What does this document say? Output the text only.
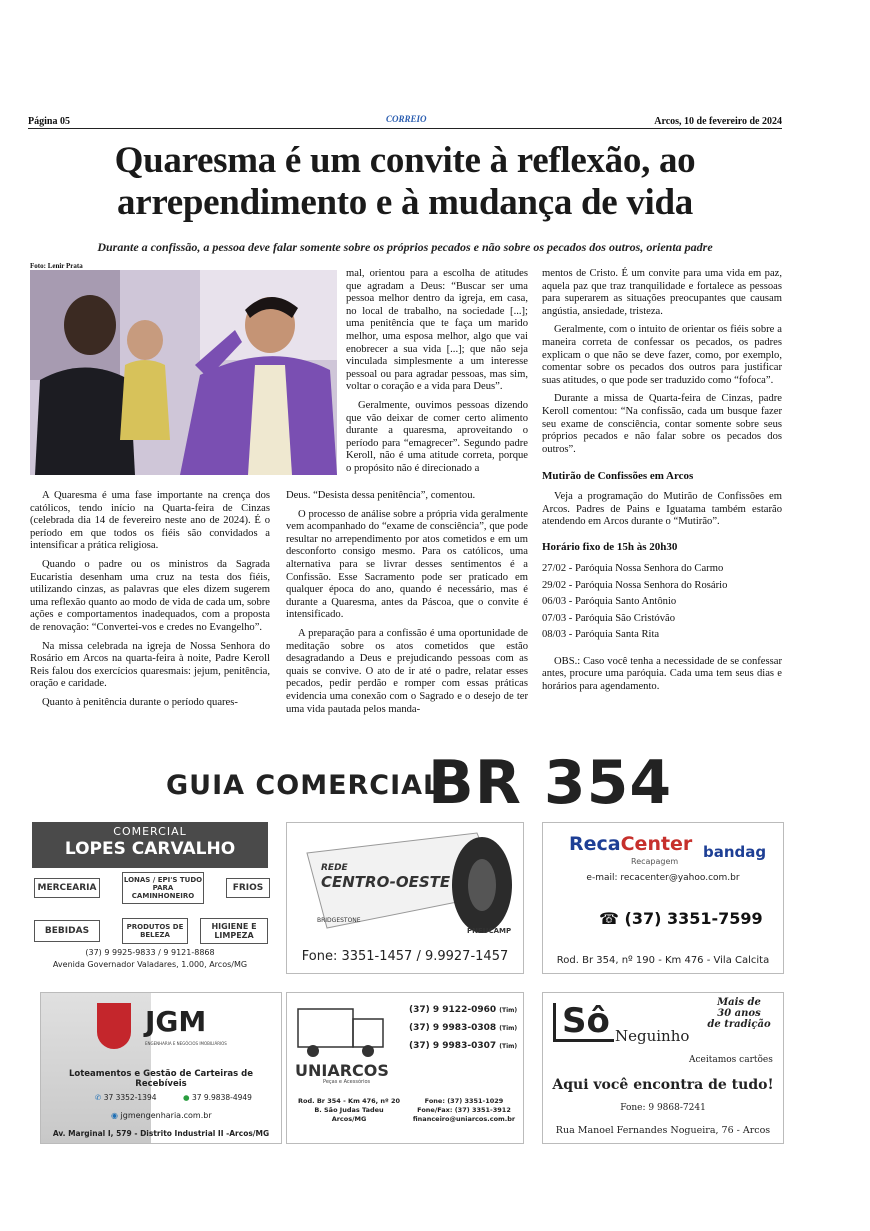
Página 05	CORREIO	Arcos, 10 de fevereiro de 2024
Quaresma é um convite à reflexão, ao
arrependimento e à mudança de vida
Durante a confissão, a pessoa deve falar somente sobre os próprios pecados e não sobre os pecados dos outros, orienta padre
Foto: Lenir Prata

A Quaresma é uma fase importante na crença dos católicos, tendo início na Quarta-feira de Cinzas (celebrada dia 14 de fevereiro neste ano de 2024). É o período em que todos os fiéis são convidados a intensificar a prática religiosa.

Quando o padre ou os ministros da Sagrada Eucaristia desenham uma cruz na testa dos fiéis, utilizando cinzas, as palavras que eles dizem sugerem uma reflexão quanto ao modo de vida de cada um, sobre ações e comportamentos inadequados, com a proposta de renovação: “Convertei-vos e credes no Evangelho”.

Na missa celebrada na igreja de Nossa Senhora do Rosário em Arcos na quarta-feira à noite, Padre Keroll Reis falou dos exercícios quaresmais: jejum, penitência, oração e caridade.

Quanto à penitência durante o período quares-

mal, orientou para a escolha de atitudes que agradam a Deus: “Buscar ser uma pessoa melhor dentro da igreja, em casa, no local de trabalho, na sociedade [...]; uma penitência que te faça um marido melhor, uma esposa melhor, algo que vai enobrecer a sua vida [...]; que não seja vinculada simplesmente a um interesse pessoal ou para agradar pessoas, mas sim, voltar o coração e a vida para Deus”.

Geralmente, ouvimos pessoas dizendo que vão deixar de comer certo alimento durante a quaresma, aproveitando o período para “emagrecer”. Segundo padre Keroll, não é uma atitude correta, porque o propósito não é direcionado a

Deus. “Desista dessa penitência”, comentou.

O processo de análise sobre a própria vida geralmente vem acompanhado do “exame de consciência”, que pode resultar no arrependimento por atos cometidos e em um desconforto consigo mesmo. Para os católicos, uma alternativa para se livrar desses sentimentos é a Confissão. Esse Sacramento pode ser praticado em qualquer época do ano, quando é necessário, mas é durante a Quaresma, antes da Páscoa, que o convite é intensificado.

A preparação para a confissão é uma oportunidade de meditação sobre os atos cometidos que estão desagradando a Deus e prejudicando pessoas com as quais se convive. O ato de ir até o padre, relatar esses pecados, pedir perdão e romper com essas práticas evidencia uma conexão com o Sagrado e o desejo de ter uma vida pautada pelos manda-

mentos de Cristo. É um convite para uma vida em paz, aquela paz que traz tranquilidade e fortalece as pessoas para superarem as situações preocupantes que causam angústia, ansiedade, tristeza.

Geralmente, com o intuito de orientar os fiéis sobre a maneira correta de confessar os pecados, os padres explicam o que não se deve fazer, como, por exemplo, comentar sobre os pecados dos outros para justificar suas atitudes, o que pode ser traduzido como “fofoca”.

Durante a missa de Quarta-feira de Cinzas, padre Keroll comentou: “Na confissão, cada um busque fazer seu exame de consciência, contar somente sobre seus próprios pecados e não falar sobre os pecados dos outros”.

Mutirão de Confissões em Arcos

Veja a programação do Mutirão de Confissões em Arcos. Padres de Pains e Iguatama também estarão atendendo em Arcos durante o “Mutirão”.

Horário fixo de 15h às 20h30
27/02 - Paróquia Nossa Senhora do Carmo
29/02 - Paróquia Nossa Senhora do Rosário
06/03 - Paróquia Santo Antônio
07/03 - Paróquia São Cristóvão
08/03 - Paróquia Santa Rita

OBS.: Caso você tenha a necessidade de se confessar antes, procure uma paróquia. Cada uma tem seus dias e horários para agendamento.

GUIA COMERCIAL
BR 354
COMERCIAL
LOPES CARVALHO
MERCEARIA
LONAS / EPI'S TUDO PARA CAMINHONEIRO
FRIOS
BEBIDAS	PRODUTOS DE BELEZA
HIGIENE E LIMPEZA
(37) 9 9925-9833 / 9 9121-8868
Avenida Governador Valadares, 1.000, Arcos/MG
REDE
CENTRO-OESTE
BRIDGESTONE
PNEUCAMP
Fone: 3351-1457 / 9.9927-1457
RecaCenter
Recapagem
bandag
e-mail: recacenter@yahoo.com.br
☎ (37) 3351-7599
Rod. Br 354, nº 190 - Km 476 - Vila Calcita
JGM
ENGENHARIA E NEGÓCIOS IMOBILIÁRIOS
Loteamentos e Gestão de Carteiras de Recebíveis
✆ 37 3352-1394	● 37 9.9838-4949
◉ jgmengenharia.com.br
Av. Marginal I, 579 - Distrito Industrial II -Arcos/MG
(37) 9 9122-0960 (Tim)
(37) 9 9983-0308 (Tim)
(37) 9 9983-0307 (Tim)
UNIARCOS
Peças e Acessórios
Rod. Br 354 - Km 476, nº 20
B. São Judas Tadeu
Arcos/MG
Fone: (37) 3351-1029
Fone/Fax: (37) 3351-3912
financeiro@uniarcos.com.br
Sô Neguinho
Mais de
30 anos
de tradição
Aceitamos cartões
Aqui você encontra de tudo!
Fone: 9 9868-7241
Rua Manoel Fernandes Nogueira, 76 - Arcos
